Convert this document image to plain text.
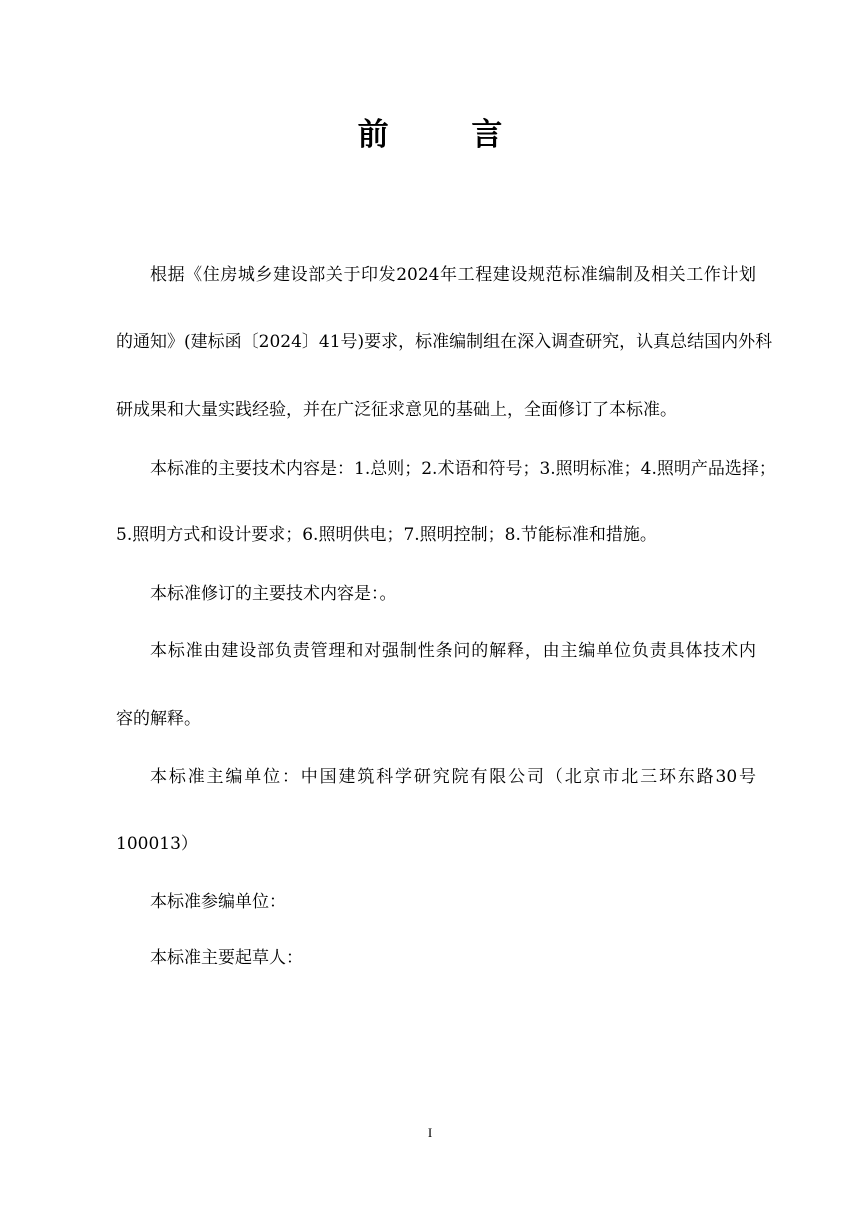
前 言
根据《住房城乡建设部关于印发2024年工程建设规范标准编制及相关工作计划
的通知》(建标函〔2024〕41号)要求，标准编制组在深入调查研究，认真总结国内外科
研成果和大量实践经验，并在广泛征求意见的基础上，全面修订了本标准。
本标准的主要技术内容是：1.总则；2.术语和符号；3.照明标准；4.照明产品选择；
5.照明方式和设计要求；6.照明供电；7.照明控制；8.节能标准和措施。
本标准修订的主要技术内容是：。
本标准由建设部负责管理和对强制性条问的解释，由主编单位负责具体技术内
容的解释。
本标准主编单位：中国建筑科学研究院有限公司（北京市北三环东路30号
100013）
本标准参编单位：
本标准主要起草人：
I
